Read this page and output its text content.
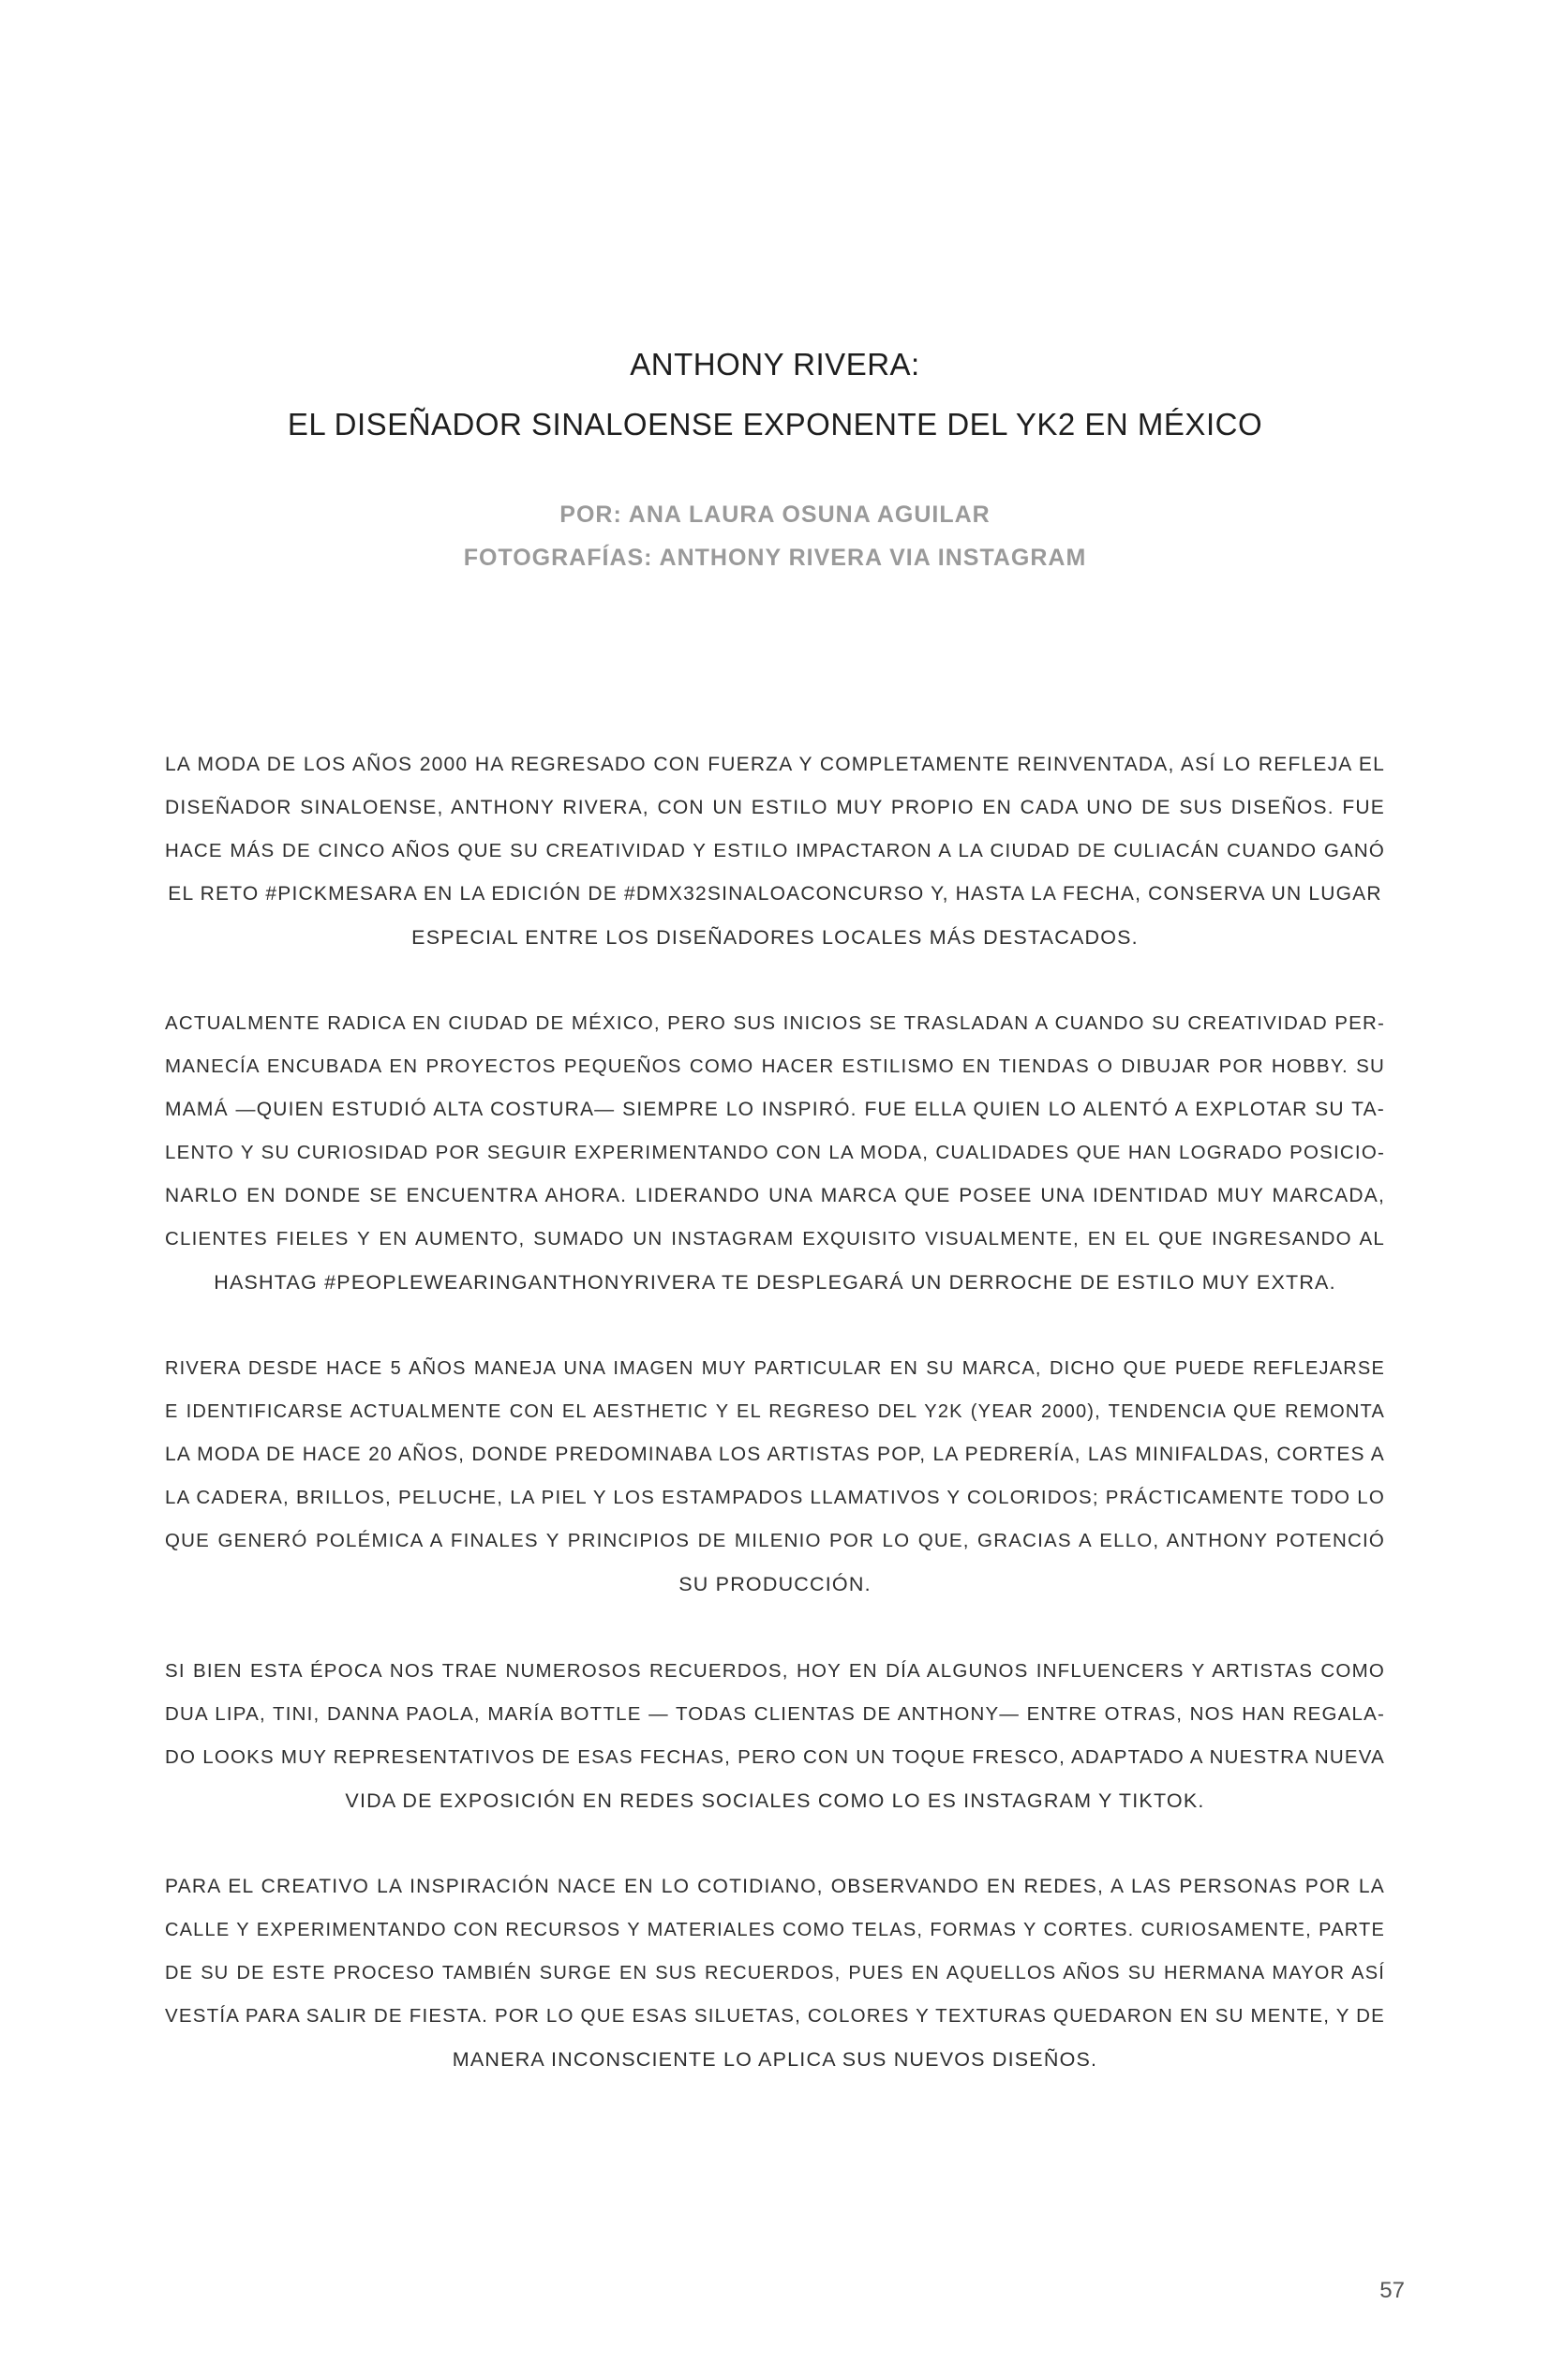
ANTHONY RIVERA:
EL DISEÑADOR SINALOENSE EXPONENTE DEL YK2 EN MÉXICO
POR: ANA LAURA OSUNA AGUILAR
FOTOGRAFÍAS: ANTHONY RIVERA VIA INSTAGRAM
LA MODA DE LOS AÑOS 2000 HA REGRESADO CON FUERZA Y COMPLETAMENTE REINVENTADA, ASÍ LO REFLEJA EL
DISEÑADOR SINALOENSE, ANTHONY RIVERA, CON UN ESTILO MUY PROPIO EN CADA UNO DE SUS DISEÑOS. FUE
HACE MÁS DE CINCO AÑOS QUE SU CREATIVIDAD Y ESTILO IMPACTARON A LA CIUDAD DE CULIACÁN CUANDO GANÓ
EL RETO #PICKMESARA EN LA EDICIÓN DE #DMX32SINALOACONCURSO Y, HASTA LA FECHA, CONSERVA UN LUGAR
ESPECIAL ENTRE LOS DISEÑADORES LOCALES MÁS DESTACADOS.
ACTUALMENTE RADICA EN CIUDAD DE MÉXICO, PERO SUS INICIOS SE TRASLADAN A CUANDO SU CREATIVIDAD PER-
MANECÍA ENCUBADA EN PROYECTOS PEQUEÑOS COMO HACER ESTILISMO EN TIENDAS O DIBUJAR POR HOBBY. SU
MAMÁ —QUIEN ESTUDIÓ ALTA COSTURA— SIEMPRE LO INSPIRÓ. FUE ELLA QUIEN LO ALENTÓ A EXPLOTAR SU TA-
LENTO Y SU CURIOSIDAD POR SEGUIR EXPERIMENTANDO CON LA MODA, CUALIDADES QUE HAN LOGRADO POSICIO-
NARLO EN DONDE SE ENCUENTRA AHORA. LIDERANDO UNA MARCA QUE POSEE UNA IDENTIDAD MUY MARCADA,
CLIENTES FIELES Y EN AUMENTO, SUMADO UN INSTAGRAM EXQUISITO VISUALMENTE, EN EL QUE INGRESANDO AL
HASHTAG #PEOPLEWEARINGANTHONYRIVERA TE DESPLEGARÁ UN DERROCHE DE ESTILO MUY EXTRA.
RIVERA DESDE HACE 5 AÑOS MANEJA UNA IMAGEN MUY PARTICULAR EN SU MARCA, DICHO QUE PUEDE REFLEJARSE
E IDENTIFICARSE ACTUALMENTE CON EL AESTHETIC Y EL REGRESO DEL Y2K (YEAR 2000), TENDENCIA QUE REMONTA
LA MODA DE HACE 20 AÑOS, DONDE PREDOMINABA LOS ARTISTAS POP, LA PEDRERÍA, LAS MINIFALDAS, CORTES A
LA CADERA, BRILLOS, PELUCHE, LA PIEL Y LOS ESTAMPADOS LLAMATIVOS Y COLORIDOS; PRÁCTICAMENTE TODO LO
QUE GENERÓ POLÉMICA A FINALES Y PRINCIPIOS DE MILENIO POR LO QUE, GRACIAS A ELLO, ANTHONY POTENCIÓ
SU PRODUCCIÓN.
SI BIEN ESTA ÉPOCA NOS TRAE NUMEROSOS RECUERDOS, HOY EN DÍA ALGUNOS INFLUENCERS Y ARTISTAS COMO
DUA LIPA, TINI, DANNA PAOLA, MARÍA BOTTLE — TODAS CLIENTAS DE ANTHONY— ENTRE OTRAS, NOS HAN REGALA-
DO LOOKS MUY REPRESENTATIVOS DE ESAS FECHAS, PERO CON UN TOQUE FRESCO, ADAPTADO A NUESTRA NUEVA
VIDA DE EXPOSICIÓN EN REDES SOCIALES COMO LO ES INSTAGRAM Y TIKTOK.
PARA EL CREATIVO LA INSPIRACIÓN NACE EN LO COTIDIANO, OBSERVANDO EN REDES, A LAS PERSONAS POR LA
CALLE Y EXPERIMENTANDO CON RECURSOS Y MATERIALES COMO TELAS, FORMAS Y CORTES. CURIOSAMENTE, PARTE
DE SU DE ESTE PROCESO TAMBIÉN SURGE EN SUS RECUERDOS, PUES EN AQUELLOS AÑOS SU HERMANA MAYOR ASÍ
VESTÍA PARA SALIR DE FIESTA. POR LO QUE ESAS SILUETAS, COLORES Y TEXTURAS QUEDARON EN SU MENTE, Y DE
MANERA INCONSCIENTE LO APLICA SUS NUEVOS DISEÑOS.
57
